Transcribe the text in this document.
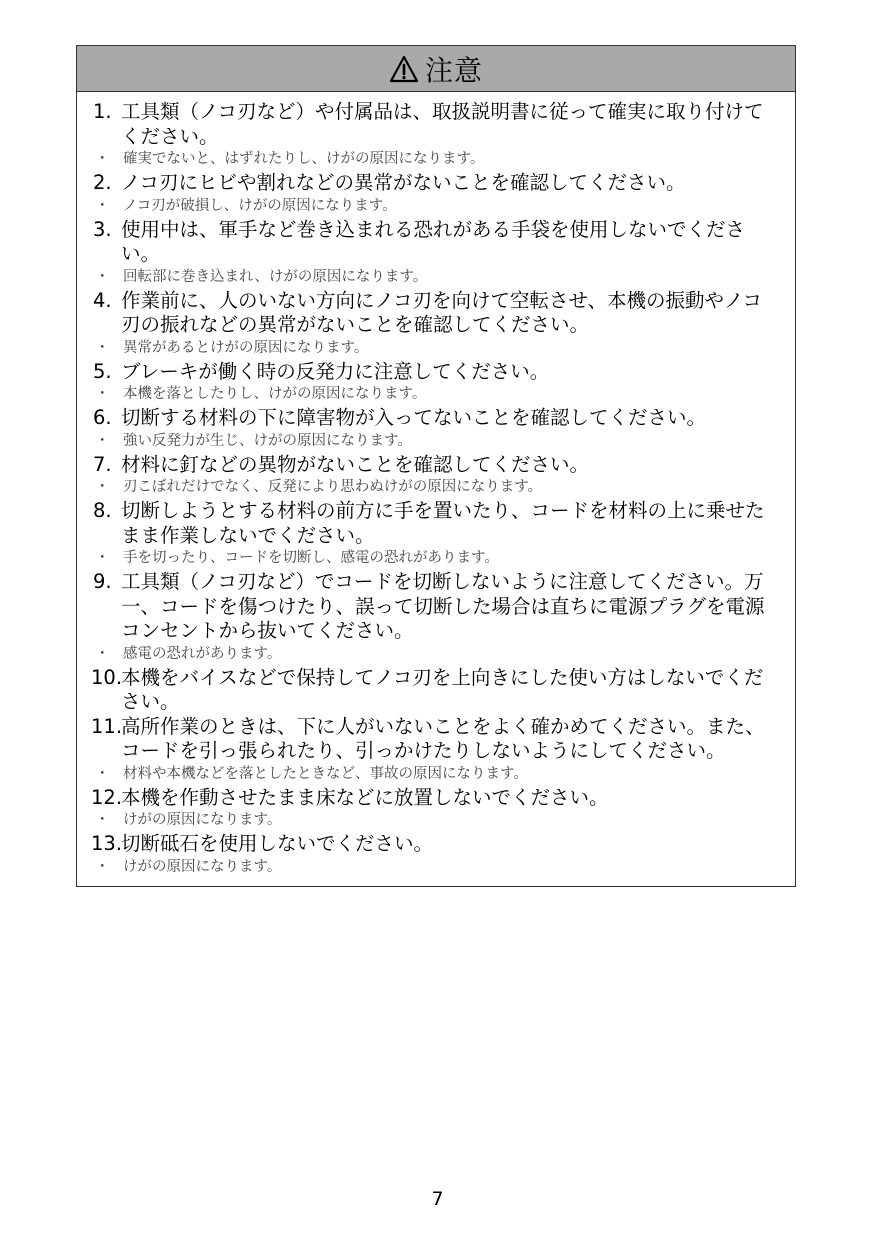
注意
1. 工具類（ノコ刃など）や付属品は、取扱説明書に従って確実に取り付けてください。
・ 確実でないと、はずれたりし、けがの原因になります。
2. ノコ刃にヒビや割れなどの異常がないことを確認してください。
・ ノコ刃が破損し、けがの原因になります。
3. 使用中は、軍手など巻き込まれる恐れがある手袋を使用しないでください。
・ 回転部に巻き込まれ、けがの原因になります。
4. 作業前に、人のいない方向にノコ刃を向けて空転させ、本機の振動やノコ刃の振れなどの異常がないことを確認してください。
・ 異常があるとけがの原因になります。
5. ブレーキが働く時の反発力に注意してください。
・ 本機を落としたりし、けがの原因になります。
6. 切断する材料の下に障害物が入ってないことを確認してください。
・ 強い反発力が生じ、けがの原因になります。
7. 材料に釘などの異物がないことを確認してください。
・ 刃こぼれだけでなく、反発により思わぬけがの原因になります。
8. 切断しようとする材料の前方に手を置いたり、コードを材料の上に乗せたまま作業しないでください。
・ 手を切ったり、コードを切断し、感電の恐れがあります。
9. 工具類（ノコ刃など）でコードを切断しないように注意してください。万一、コードを傷つけたり、誤って切断した場合は直ちに電源プラグを電源コンセントから抜いてください。
・ 感電の恐れがあります。
10.
本機をバイスなどで保持してノコ刃を上向きにした使い方はしないでください。
11.
高所作業のときは、下に人がいないことをよく確かめてください。また、コードを引っ張られたり、引っかけたりしないようにしてください。
・ 材料や本機などを落としたときなど、事故の原因になります。
12.
本機を作動させたまま床などに放置しないでください。
・ けがの原因になります。
13.
切断砥石を使用しないでください。
・ けがの原因になります。
7
